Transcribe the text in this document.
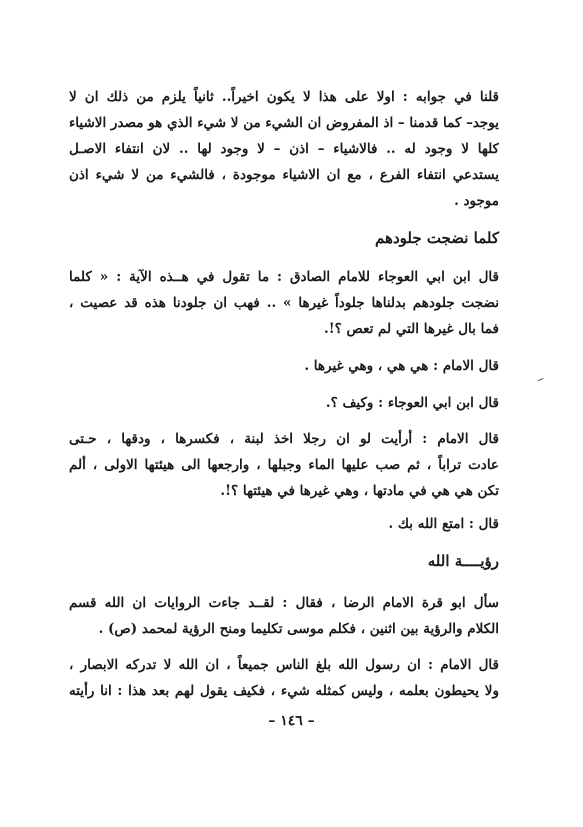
قلنا في جوابه : اولا على هذا لا يكون اخيراً.. ثانياً يلزم من ذلك ان لا
يوجد– كما قدمنا – اذ المفروض ان الشيء من لا شيء الذي هو مصدر الاشياء
كلها لا وجود له .. فالاشياء – اذن – لا وجود لها .. لان انتفاء الاصـل
يستدعي انتفاء الفرع ، مع ان الاشياء موجودة ، فالشيء من لا شيء اذن
موجود .
كلما نضجت جلودهم
قال ابن ابي العوجاء للامام الصادق : ما تقول في هــذه الآية : « كلما
نضجت جلودهم بدلناها جلوداً غيرها » .. فهب ان جلودنا هذه قد عصيت ،
فما بال غيرها التي لم تعص ؟!.
قال الامام : هي هي ، وهي غيرها .
قال ابن ابي العوجاء : وكيف ؟.
قال الامام : أرأيت لو ان رجلا اخذ لبنة ، فكسرها ، ودقها ، حـتى
عادت تراباً ، ثم صب عليها الماء وجبلها ، وارجعها الى هيئتها الاولى ، ألم
تكن هي هي في مادتها ، وهي غيرها في هيئتها ؟!.
قال : امتع الله بك .
رؤيــــة الله
سأل ابو قرة الامام الرضا ، فقال : لقــد جاءت الروايات ان الله قسم
الكلام والرؤية بين اثنين ، فكلم موسى تكليما ومنح الرؤية لمحمد (ص) .
قال الامام : ان رسول الله بلغ الناس جميعاً ، ان الله لا تدركه الابصار ،
ولا يحيطون بعلمه ، وليس كمثله شيء ، فكيف يقول لهم بعد هذا : انا رأيته
– ١٤٦ –
